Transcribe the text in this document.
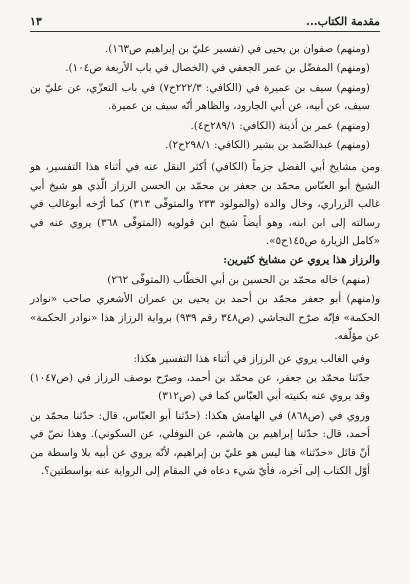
مقدمة الكتاب...
١٣

(ومنهم) صفوان بن يحيى في (تفسير عليّ بن إبراهيم ص١٦٣).

(ومنهم) المفضّل بن عمر الجعفي في (الخصال في باب الأربعة ص١٠٤).

(ومنهم) سيف بن عميرة في (الكافي: ٢٢٢/٣ح٧) في باب التعزّي، عن عليّ بن سيف، عن أبيه، عن أبي الجارود، والظاهر أنّه سيف بن عميرة.

(ومنهم) عمر بن أذينة (الكافي: ٢٨٩/١ح٤).

(ومنهم) عبدالصّمد بن بشير (الكافي: ٢٩٨/١ح٢).

ومن مشايخ أبي الفضل جزماً (الكافي) أكثر النقل عنه في أثناء هذا التفسير، هو الشيخ أبو العبّاس محمّد بن جعفر بن محمّد بن الحسن الرزاز الّذي هو شيخ أبي غالب الزراري، وخال والده (والمولود ٢٣٣ والمتوفّى ٣١٣) كما أرّخه أبوغالب في رسالته إلى ابن ابنه، وهو أيضاً شيخ ابن قولويه (المتوفّى ٣٦٨) يروي عنه في «كامل الزيارة ص١٤٥ح٥».

والرزاز هذا يروي عن مشايخ كثيرين:

(منهم) خاله محمّد بن الحسين بن أبي الخطّاب (المتوفّى ٢٦٢)

و(منهم) أبو جعفر محمّد بن أحمد بن يحيى بن عمران الأشعري صاحب «نوادر الحكمة» فإنّه صرّح النجاشي (ص٣٤٨ رقم ٩٣٩) برواية الرزاز هذا «نوادر الحكمة» عن مؤلّفه.

وفي الغالب يروي عن الرزاز في أثناء هذا التفسير هكذا:

حدّثنا محمّد بن جعفر، عن محمّد بن أحمد، وصرّح بوصف الرزاز في (ص١٠٤٧) وقد يروي عنه بكنيته أبي العبّاس كما في (ص٣١٢)

وروي في (ص٨٦٨) في الهامش هكذا: (حدّثنا أبو العبّاس، قال: حدّثنا محمّد بن أحمد، قال: حدّثنا إبراهيم بن هاشم، عن النوفلي، عن السكوني). وهذا نصّ في أنّ قائل «حدّثنا» هنا ليس هو عليّ بن إبراهيم، لأنّه يروي عن أبيه بلا واسطة من أوّل الكتاب إلى آخره، فأيّ شيء دعاه في المقام إلى الرواية عنه بواسطتين؟.
